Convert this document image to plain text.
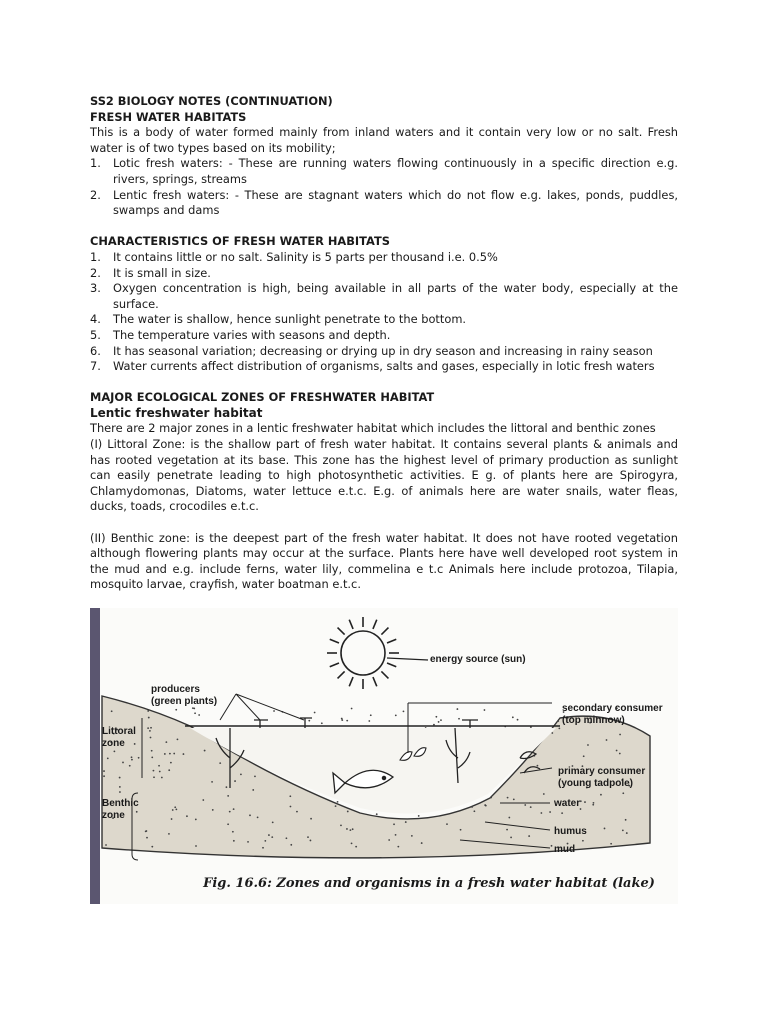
SS2 BIOLOGY NOTES (CONTINUATION)
FRESH WATER HABITATS

This is a body of water formed mainly from inland waters and it contain very low or no salt. Fresh water is of two types based on its mobility;

1. Lotic fresh waters: - These are running waters flowing continuously in a specific direction e.g. rivers, springs, streams
2. Lentic fresh waters: - These are stagnant waters which do not flow e.g. lakes, ponds, puddles, swamps and dams
CHARACTERISTICS OF FRESH WATER HABITATS
1. It contains little or no salt. Salinity is 5 parts per thousand i.e. 0.5%
2. It is small in size.
3. Oxygen concentration is high, being available in all parts of the water body, especially at the surface.
4. The water is shallow, hence sunlight penetrate to the bottom.
5. The temperature varies with seasons and depth.
6. It has seasonal variation; decreasing or drying up in dry season and increasing in rainy season
7. Water currents affect distribution of organisms, salts and gases, especially in lotic fresh waters
MAJOR ECOLOGICAL ZONES OF FRESHWATER HABITAT
Lentic freshwater habitat

There are 2 major zones in a lentic freshwater habitat which includes the littoral and benthic zones

(I) Littoral Zone: is the shallow part of fresh water habitat. It contains several plants & animals and has rooted vegetation at its base. This zone has the highest level of primary production as sunlight can easily penetrate leading to high photosynthetic activities. E g. of plants here are Spirogyra, Chlamydomonas, Diatoms, water lettuce e.t.c. E.g. of animals here are water snails, water fleas, ducks, toads, crocodiles e.t.c.

(II) Benthic zone: is the deepest part of the fresh water habitat. It does not have rooted vegetation although flowering plants may occur at the surface. Plants here have well developed root system in the mud and e.g. include ferns, water lily, commelina e t.c Animals here include protozoa, Tilapia, mosquito larvae, crayfish, water boatman e.t.c.

energy source (sun)
producers
(green plants)
secondary consumer
(top minnow)
Littoral
zone
primary consumer
(young tadpole)
Benthic
zone
water
humus
mud
Fig. 16.6: Zones and organisms in a fresh water habitat (lake)
